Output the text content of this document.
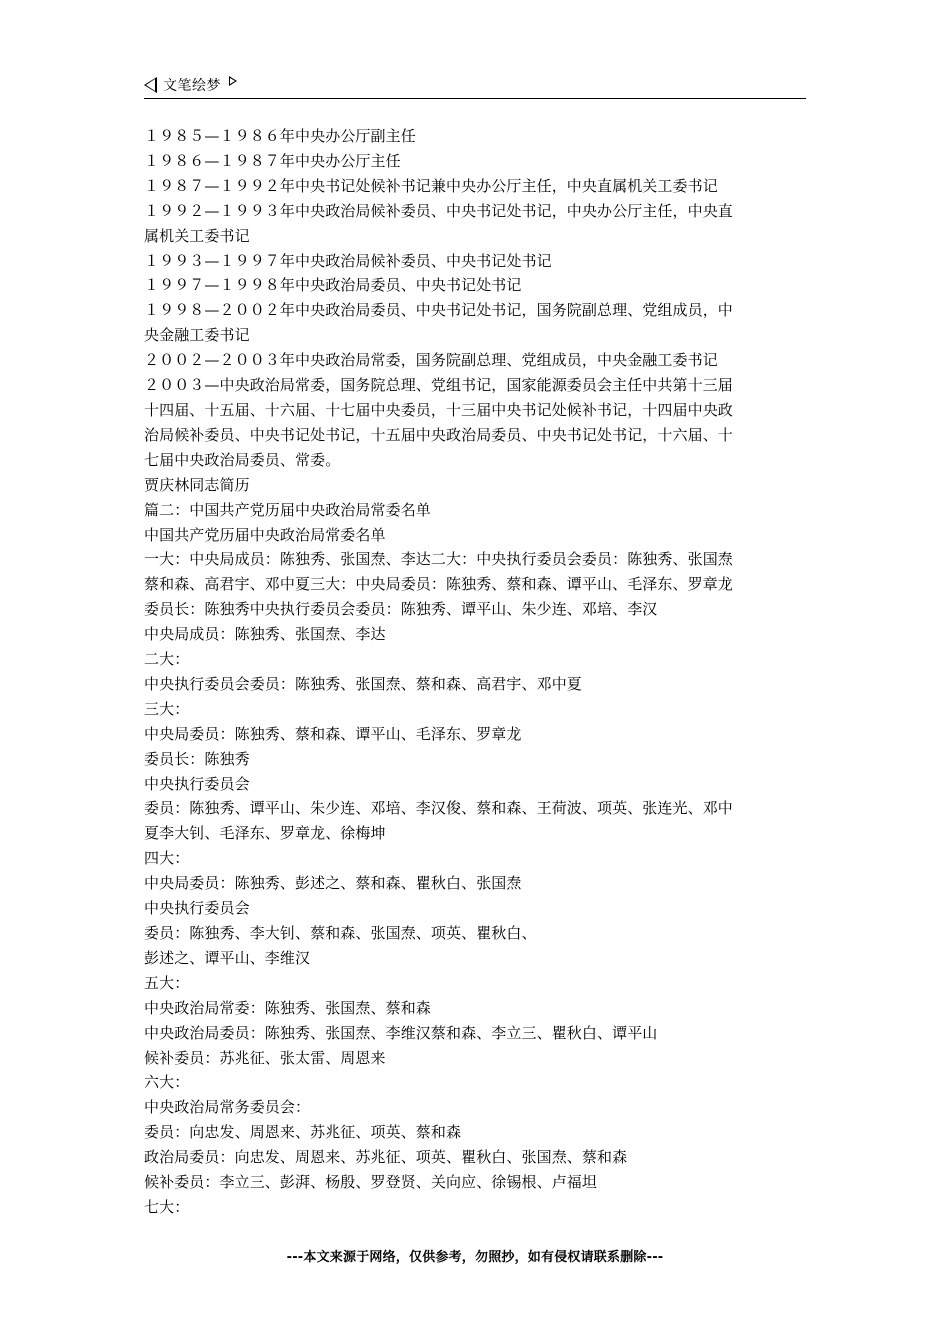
文笔绘梦
１９８５—１９８６年中央办公厅副主任
１９８６—１９８７年中央办公厅主任
１９８７—１９９２年中央书记处候补书记兼中央办公厅主任，中央直属机关工委书记
１９９２—１９９３年中央政治局候补委员、中央书记处书记，中央办公厅主任，中央直
属机关工委书记
１９９３—１９９７年中央政治局候补委员、中央书记处书记
１９９７—１９９８年中央政治局委员、中央书记处书记
１９９８—２００２年中央政治局委员、中央书记处书记，国务院副总理、党组成员，中
央金融工委书记
２００２—２００３年中央政治局常委，国务院副总理、党组成员，中央金融工委书记
２００３—中央政治局常委，国务院总理、党组书记，国家能源委员会主任中共第十三届
十四届、十五届、十六届、十七届中央委员，十三届中央书记处候补书记，十四届中央政
治局候补委员、中央书记处书记，十五届中央政治局委员、中央书记处书记，十六届、十
七届中央政治局委员、常委。
贾庆林同志简历
篇二：中国共产党历届中央政治局常委名单
中国共产党历届中央政治局常委名单
一大：中央局成员：陈独秀、张国焘、李达二大：中央执行委员会委员：陈独秀、张国焘
蔡和森、高君宇、邓中夏三大：中央局委员：陈独秀、蔡和森、谭平山、毛泽东、罗章龙
委员长：陈独秀中央执行委员会委员：陈独秀、谭平山、朱少连、邓培、李汉
中央局成员：陈独秀、张国焘、李达
二大：
中央执行委员会委员：陈独秀、张国焘、蔡和森、高君宇、邓中夏
三大：
中央局委员：陈独秀、蔡和森、谭平山、毛泽东、罗章龙
委员长：陈独秀
中央执行委员会
委员：陈独秀、谭平山、朱少连、邓培、李汉俊、蔡和森、王荷波、项英、张连光、邓中
夏李大钊、毛泽东、罗章龙、徐梅坤
四大：
中央局委员：陈独秀、彭述之、蔡和森、瞿秋白、张国焘
中央执行委员会
委员：陈独秀、李大钊、蔡和森、张国焘、项英、瞿秋白、
彭述之、谭平山、李维汉
五大：
中央政治局常委：陈独秀、张国焘、蔡和森
中央政治局委员：陈独秀、张国焘、李维汉蔡和森、李立三、瞿秋白、谭平山
候补委员：苏兆征、张太雷、周恩来
六大：
中央政治局常务委员会：
委员：向忠发、周恩来、苏兆征、项英、蔡和森
政治局委员：向忠发、周恩来、苏兆征、项英、瞿秋白、张国焘、蔡和森
候补委员：李立三、彭湃、杨殷、罗登贤、关向应、徐锡根、卢福坦
七大：
---本文来源于网络，仅供参考，勿照抄，如有侵权请联系删除---
